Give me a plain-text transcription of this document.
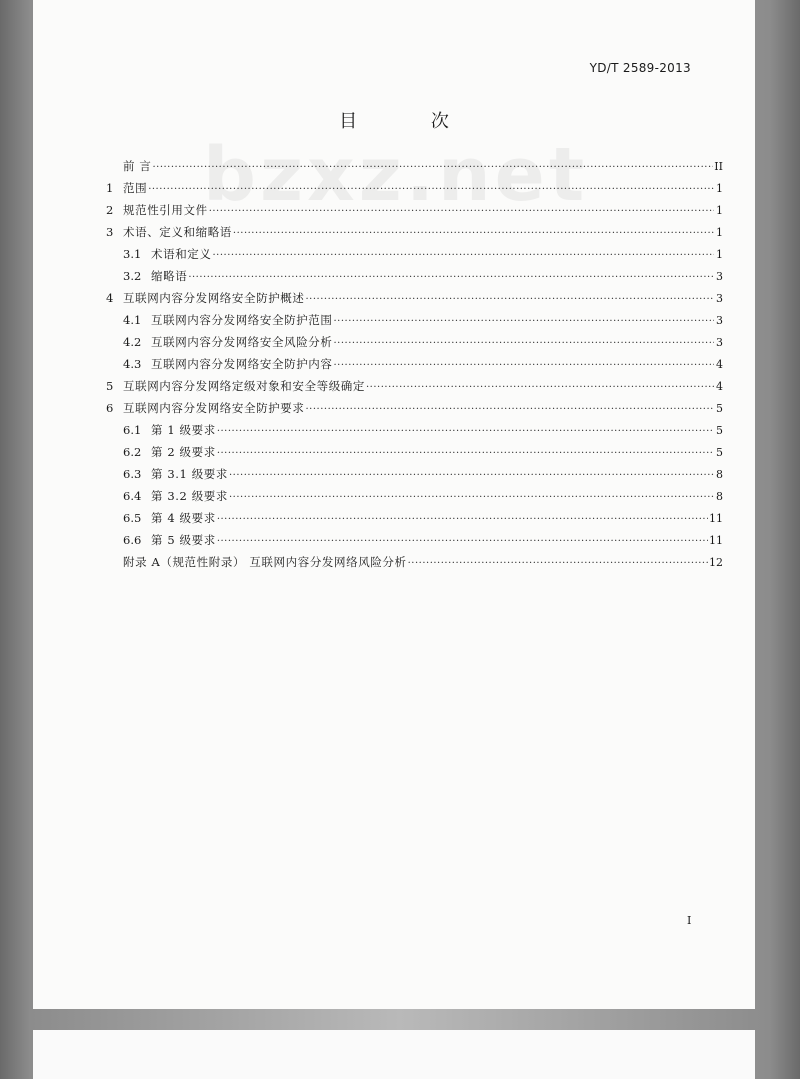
YD/T 2589-2013
bzxz.net
目 次
前 言 ·····	II
1 范围 ·····	1
2 规范性引用文件 ·····	1
3 术语、定义和缩略语 ·····	1
3.1 术语和定义 ·····	1
3.2 缩略语 ·····	3
4 互联网内容分发网络安全防护概述 ·····	3
4.1 互联网内容分发网络安全防护范围 ·····	3
4.2 互联网内容分发网络安全风险分析 ·····	3
4.3 互联网内容分发网络安全防护内容 ·····	4
5 互联网内容分发网络定级对象和安全等级确定 ·····	4
6 互联网内容分发网络安全防护要求 ·····	5
6.1 第 1 级要求 ·····	5
6.2 第 2 级要求 ·····	5
6.3 第 3.1 级要求 ·····	8
6.4 第 3.2 级要求 ·····	8
6.5 第 4 级要求 ·····	11
6.6 第 5 级要求 ·····	11
附录 A（规范性附录） 互联网内容分发网络风险分析 ·····	12
I
